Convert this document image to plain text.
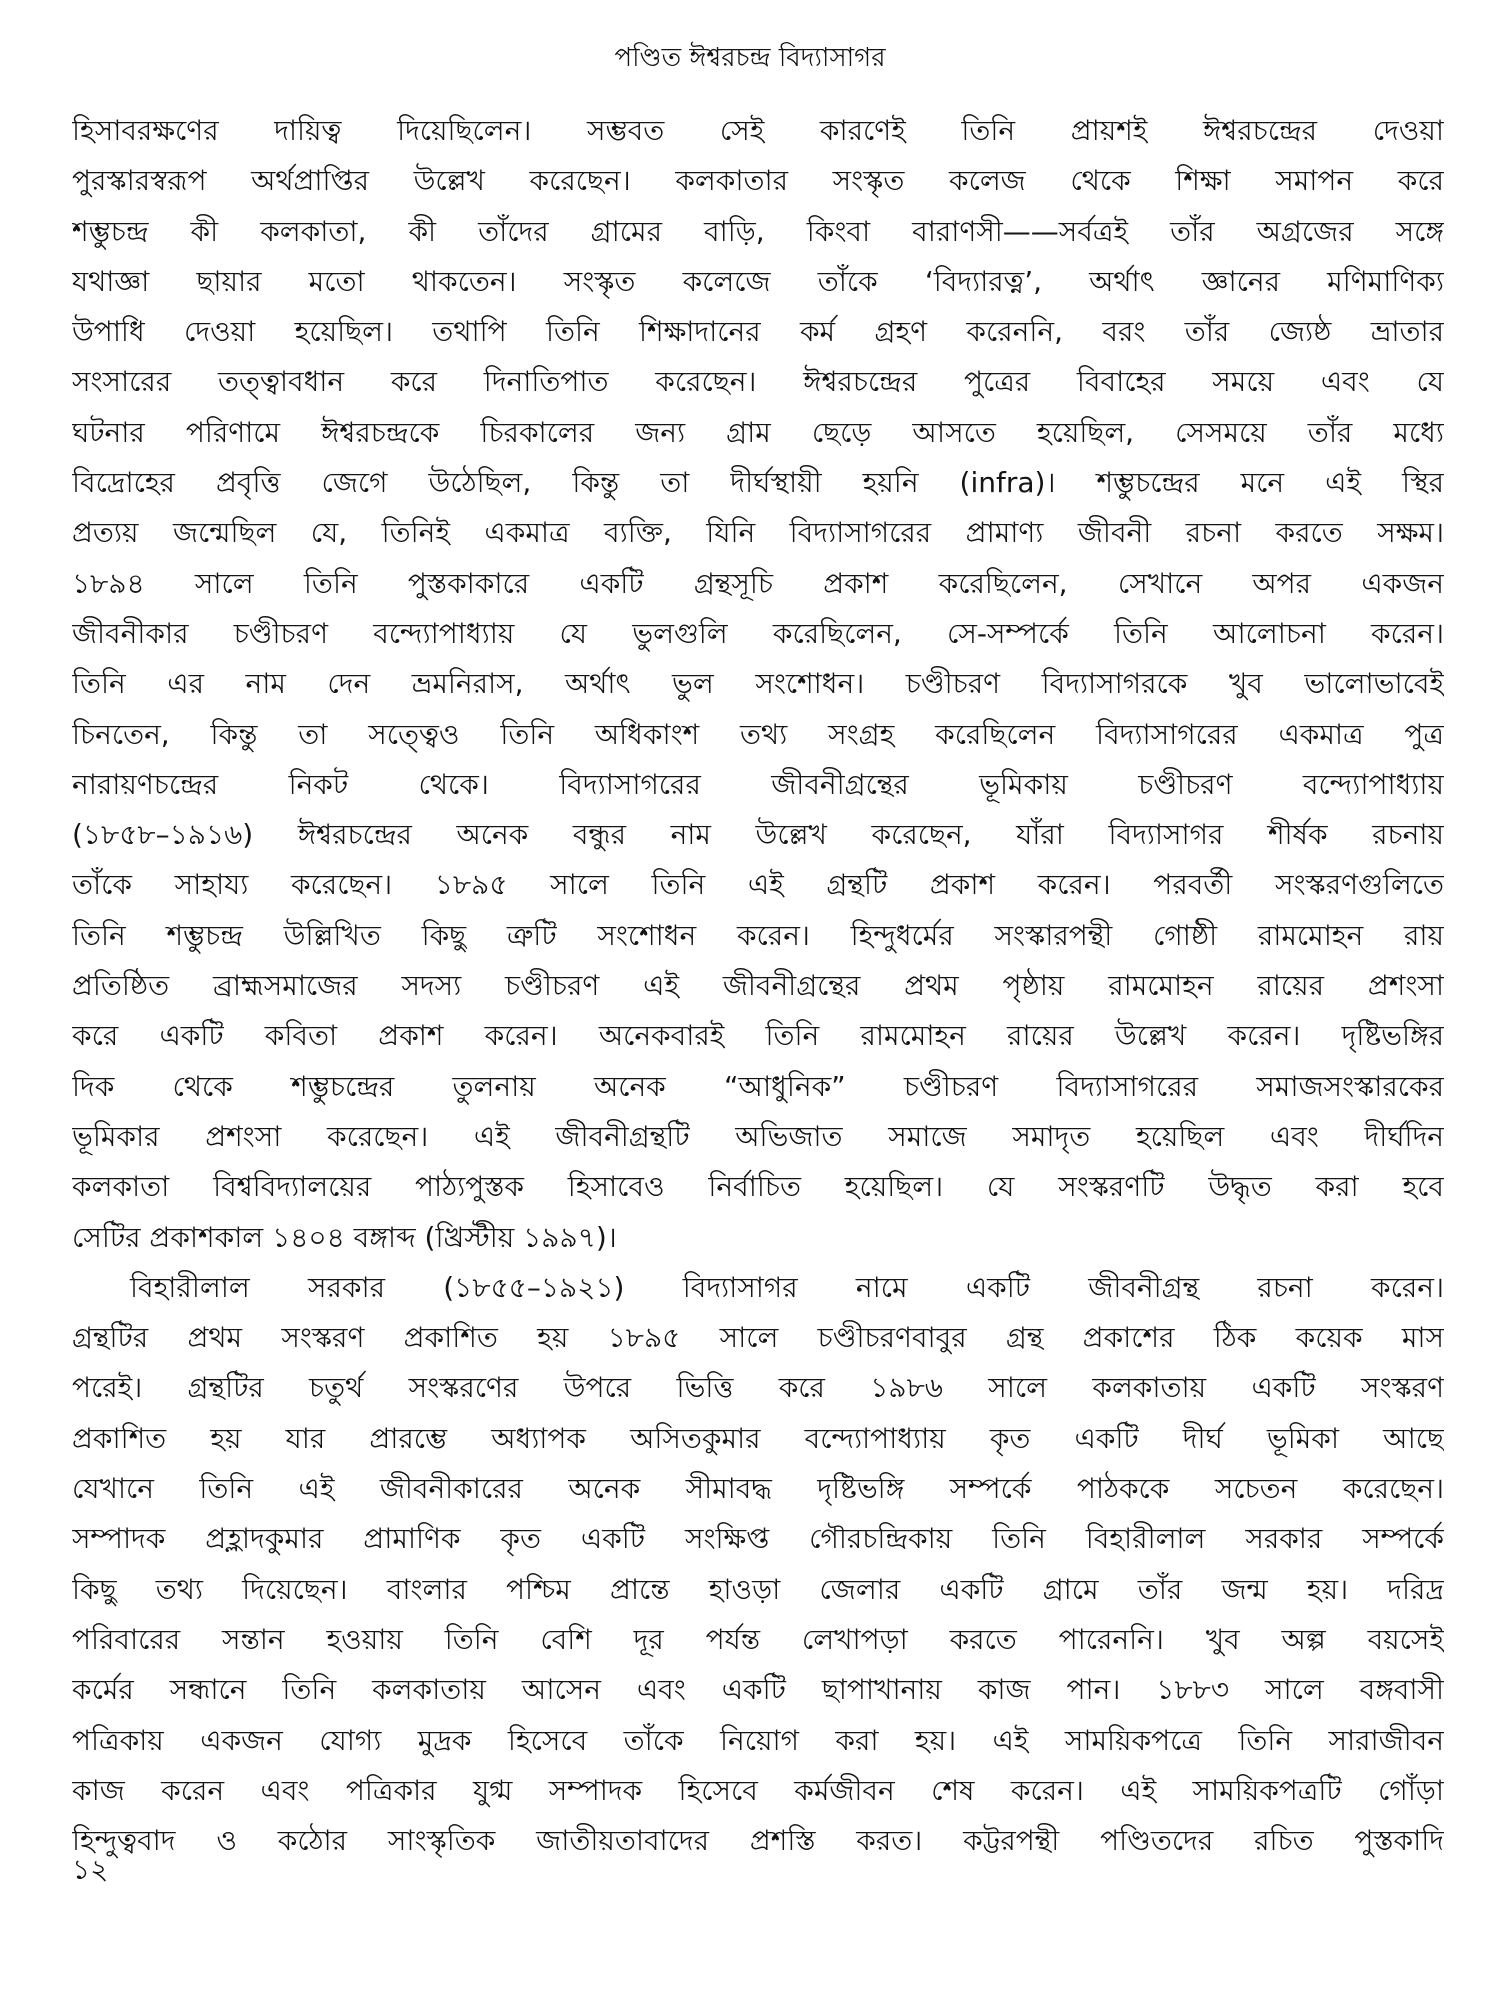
পণ্ডিত ঈশ্বরচন্দ্র বিদ্যাসাগর
হিসাবরক্ষণের দায়িত্ব দিয়েছিলেন। সম্ভবত সেই কারণেই তিনি প্রায়শই ঈশ্বরচন্দ্রের দেওয়া
পুরস্কারস্বরূপ অর্থপ্রাপ্তির উল্লেখ করেছেন। কলকাতার সংস্কৃত কলেজ থেকে শিক্ষা সমাপন করে
শম্ভুচন্দ্র কী কলকাতা, কী তাঁদের গ্রামের বাড়ি, কিংবা বারাণসী——সর্বত্রই তাঁর অগ্রজের সঙ্গে
যথাজ্ঞা ছায়ার মতো থাকতেন। সংস্কৃত কলেজে তাঁকে ‘বিদ্যারত্ন’, অর্থাৎ জ্ঞানের মণিমাণিক্য
উপাধি দেওয়া হয়েছিল। তথাপি তিনি শিক্ষাদানের কর্ম গ্রহণ করেননি, বরং তাঁর জ্যেষ্ঠ ভ্রাতার
সংসারের তত্ত্বাবধান করে দিনাতিপাত করেছেন। ঈশ্বরচন্দ্রের পুত্রের বিবাহের সময়ে এবং যে
ঘটনার পরিণামে ঈশ্বরচন্দ্রকে চিরকালের জন্য গ্রাম ছেড়ে আসতে হয়েছিল, সেসময়ে তাঁর মধ্যে
বিদ্রোহের প্রবৃত্তি জেগে উঠেছিল, কিন্তু তা দীর্ঘস্থায়ী হয়নি (infra)। শম্ভুচন্দ্রের মনে এই স্থির
প্রত্যয় জন্মেছিল যে, তিনিই একমাত্র ব্যক্তি, যিনি বিদ্যাসাগরের প্রামাণ্য জীবনী রচনা করতে সক্ষম।
১৮৯৪ সালে তিনি পুস্তকাকারে একটি গ্রন্থসূচি প্রকাশ করেছিলেন, সেখানে অপর একজন
জীবনীকার চণ্ডীচরণ বন্দ্যোপাধ্যায় যে ভুলগুলি করেছিলেন, সে-সম্পর্কে তিনি আলোচনা করেন।
তিনি এর নাম দেন ভ্রমনিরাস, অর্থাৎ ভুল সংশোধন। চণ্ডীচরণ বিদ্যাসাগরকে খুব ভালোভাবেই
চিনতেন, কিন্তু তা সত্ত্বেও তিনি অধিকাংশ তথ্য সংগ্রহ করেছিলেন বিদ্যাসাগরের একমাত্র পুত্র
নারায়ণচন্দ্রের নিকট থেকে। বিদ্যাসাগরের জীবনীগ্রন্থের ভূমিকায় চণ্ডীচরণ বন্দ্যোপাধ্যায়
(১৮৫৮–১৯১৬) ঈশ্বরচন্দ্রের অনেক বন্ধুর নাম উল্লেখ করেছেন, যাঁরা বিদ্যাসাগর শীর্ষক রচনায়
তাঁকে সাহায্য করেছেন। ১৮৯৫ সালে তিনি এই গ্রন্থটি প্রকাশ করেন। পরবর্তী সংস্করণগুলিতে
তিনি শম্ভুচন্দ্র উল্লিখিত কিছু ত্রুটি সংশোধন করেন। হিন্দুধর্মের সংস্কারপন্থী গোষ্ঠী রামমোহন রায়
প্রতিষ্ঠিত ব্রাহ্মসমাজের সদস্য চণ্ডীচরণ এই জীবনীগ্রন্থের প্রথম পৃষ্ঠায় রামমোহন রায়ের প্রশংসা
করে একটি কবিতা প্রকাশ করেন। অনেকবারই তিনি রামমোহন রায়ের উল্লেখ করেন। দৃষ্টিভঙ্গির
দিক থেকে শম্ভুচন্দ্রের তুলনায় অনেক “আধুনিক” চণ্ডীচরণ বিদ্যাসাগরের সমাজসংস্কারকের
ভূমিকার প্রশংসা করেছেন। এই জীবনীগ্রন্থটি অভিজাত সমাজে সমাদৃত হয়েছিল এবং দীর্ঘদিন
কলকাতা বিশ্ববিদ্যালয়ের পাঠ্যপুস্তক হিসাবেও নির্বাচিত হয়েছিল। যে সংস্করণটি উদ্ধৃত করা হবে
সেটির প্রকাশকাল ১৪০৪ বঙ্গাব্দ (খ্রিস্টীয় ১৯৯৭)।
বিহারীলাল সরকার (১৮৫৫–১৯২১) বিদ্যাসাগর নামে একটি জীবনীগ্রন্থ রচনা করেন।
গ্রন্থটির প্রথম সংস্করণ প্রকাশিত হয় ১৮৯৫ সালে চণ্ডীচরণবাবুর গ্রন্থ প্রকাশের ঠিক কয়েক মাস
পরেই। গ্রন্থটির চতুর্থ সংস্করণের উপরে ভিত্তি করে ১৯৮৬ সালে কলকাতায় একটি সংস্করণ
প্রকাশিত হয় যার প্রারম্ভে অধ্যাপক অসিতকুমার বন্দ্যোপাধ্যায় কৃত একটি দীর্ঘ ভূমিকা আছে
যেখানে তিনি এই জীবনীকারের অনেক সীমাবদ্ধ দৃষ্টিভঙ্গি সম্পর্কে পাঠককে সচেতন করেছেন।
সম্পাদক প্রহ্লাদকুমার প্রামাণিক কৃত একটি সংক্ষিপ্ত গৌরচন্দ্রিকায় তিনি বিহারীলাল সরকার সম্পর্কে
কিছু তথ্য দিয়েছেন। বাংলার পশ্চিম প্রান্তে হাওড়া জেলার একটি গ্রামে তাঁর জন্ম হয়। দরিদ্র
পরিবারের সন্তান হওয়ায় তিনি বেশি দূর পর্যন্ত লেখাপড়া করতে পারেননি। খুব অল্প বয়সেই
কর্মের সন্ধানে তিনি কলকাতায় আসেন এবং একটি ছাপাখানায় কাজ পান। ১৮৮৩ সালে বঙ্গবাসী
পত্রিকায় একজন যোগ্য মুদ্রক হিসেবে তাঁকে নিয়োগ করা হয়। এই সাময়িকপত্রে তিনি সারাজীবন
কাজ করেন এবং পত্রিকার যুগ্ম সম্পাদক হিসেবে কর্মজীবন শেষ করেন। এই সাময়িকপত্রটি গোঁড়া
হিন্দুত্ববাদ ও কঠোর সাংস্কৃতিক জাতীয়তাবাদের প্রশস্তি করত। কট্টরপন্থী পণ্ডিতদের রচিত পুস্তকাদি
১২
